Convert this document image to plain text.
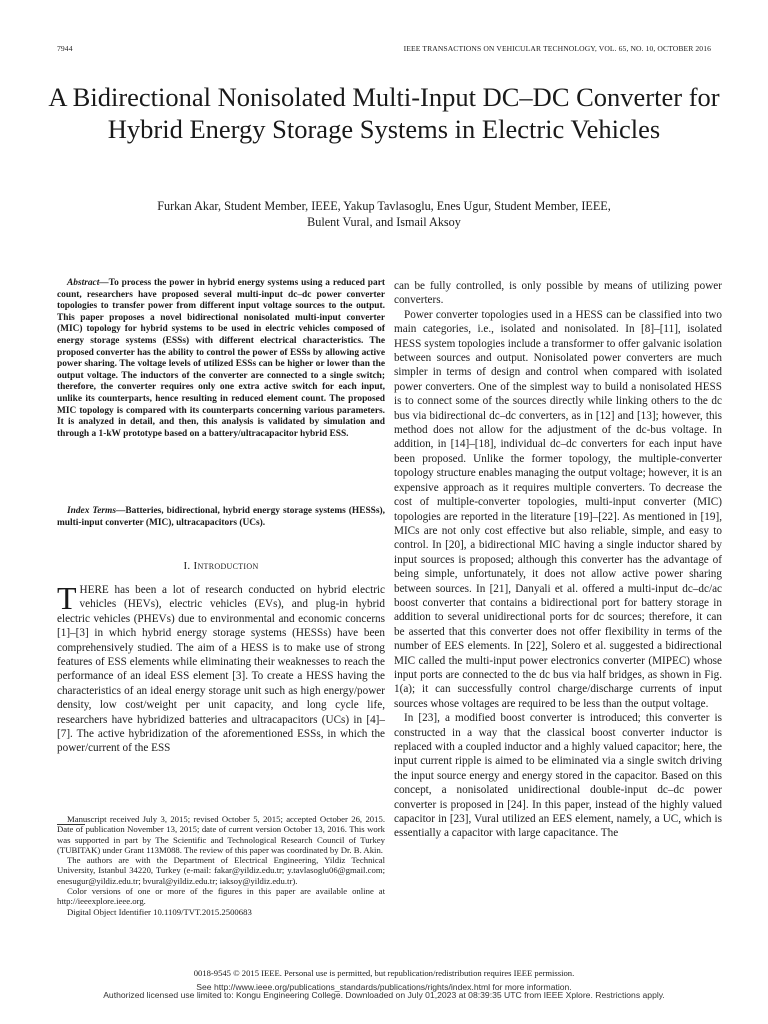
7944	IEEE TRANSACTIONS ON VEHICULAR TECHNOLOGY, VOL. 65, NO. 10, OCTOBER 2016
A Bidirectional Nonisolated Multi-Input DC–DC Converter for Hybrid Energy Storage Systems in Electric Vehicles
Furkan Akar, Student Member, IEEE, Yakup Tavlasoglu, Enes Ugur, Student Member, IEEE,
Bulent Vural, and Ismail Aksoy

Abstract—To process the power in hybrid energy systems using a reduced part count, researchers have proposed several multi-input dc–dc power converter topologies to transfer power from different input voltage sources to the output. This paper proposes a novel bidirectional nonisolated multi-input converter (MIC) topology for hybrid systems to be used in electric vehicles composed of energy storage systems (ESSs) with different electrical characteristics. The proposed converter has the ability to control the power of ESSs by allowing active power sharing. The voltage levels of utilized ESSs can be higher or lower than the output voltage. The inductors of the converter are connected to a single switch; therefore, the converter requires only one extra active switch for each input, unlike its counterparts, hence resulting in reduced element count. The proposed MIC topology is compared with its counterparts concerning various parameters. It is analyzed in detail, and then, this analysis is validated by simulation and through a 1-kW prototype based on a battery/ultracapacitor hybrid ESS.

Index Terms—Batteries, bidirectional, hybrid energy storage systems (HESSs), multi-input converter (MIC), ultracapacitors (UCs).

I. Introduction

THERE has been a lot of research conducted on hybrid electric vehicles (HEVs), electric vehicles (EVs), and plug-in hybrid electric vehicles (PHEVs) due to environmental and economic concerns [1]–[3] in which hybrid energy storage systems (HESSs) have been comprehensively studied. The aim of a HESS is to make use of strong features of ESS elements while eliminating their weaknesses to reach the performance of an ideal ESS element [3]. To create a HESS having the characteristics of an ideal energy storage unit such as high energy/power density, low cost/weight per unit capacity, and long cycle life, researchers have hybridized batteries and ultracapacitors (UCs) in [4]–[7]. The active hybridization of the aforementioned ESSs, in which the power/current of the ESS

Manuscript received July 3, 2015; revised October 5, 2015; accepted October 26, 2015. Date of publication November 13, 2015; date of current version October 13, 2016. This work was supported in part by The Scientific and Technological Research Council of Turkey (TUBITAK) under Grant 113M088. The review of this paper was coordinated by Dr. B. Akin.

The authors are with the Department of Electrical Engineering, Yildiz Technical University, Istanbul 34220, Turkey (e-mail: fakar@yildiz.edu.tr; y.tavlasoglu06@gmail.com; enesugur@yildiz.edu.tr; bvural@yildiz.edu.tr; iaksoy@yildiz.edu.tr).

Color versions of one or more of the figures in this paper are available online at http://ieeexplore.ieee.org.

Digital Object Identifier 10.1109/TVT.2015.2500683

can be fully controlled, is only possible by means of utilizing power converters.

Power converter topologies used in a HESS can be classified into two main categories, i.e., isolated and nonisolated. In [8]–[11], isolated HESS system topologies include a transformer to offer galvanic isolation between sources and output. Nonisolated power converters are much simpler in terms of design and control when compared with isolated power converters. One of the simplest way to build a nonisolated HESS is to connect some of the sources directly while linking others to the dc bus via bidirectional dc–dc converters, as in [12] and [13]; however, this method does not allow for the adjustment of the dc-bus voltage. In addition, in [14]–[18], individual dc–dc converters for each input have been proposed. Unlike the former topology, the multiple-converter topology structure enables managing the output voltage; however, it is an expensive approach as it requires multiple converters. To decrease the cost of multiple-converter topologies, multi-input converter (MIC) topologies are reported in the literature [19]–[22]. As mentioned in [19], MICs are not only cost effective but also reliable, simple, and easy to control. In [20], a bidirectional MIC having a single inductor shared by input sources is proposed; although this converter has the advantage of being simple, unfortunately, it does not allow active power sharing between sources. In [21], Danyali et al. offered a multi-input dc–dc/ac boost converter that contains a bidirectional port for battery storage in addition to several unidirectional ports for dc sources; therefore, it can be asserted that this converter does not offer flexibility in terms of the number of EES elements. In [22], Solero et al. suggested a bidirectional MIC called the multi-input power electronics converter (MIPEC) whose input ports are connected to the dc bus via half bridges, as shown in Fig. 1(a); it can successfully control charge/discharge currents of input sources whose voltages are required to be less than the output voltage.

In [23], a modified boost converter is introduced; this converter is constructed in a way that the classical boost converter inductor is replaced with a coupled inductor and a highly valued capacitor; here, the input current ripple is aimed to be eliminated via a single switch driving the input source energy and energy stored in the capacitor. Based on this concept, a nonisolated unidirectional double-input dc–dc power converter is proposed in [24]. In this paper, instead of the highly valued capacitor in [23], Vural utilized an EES element, namely, a UC, which is essentially a capacitor with large capacitance. The

0018-9545 © 2015 IEEE. Personal use is permitted, but republication/redistribution requires IEEE permission.
See http://www.ieee.org/publications_standards/publications/rights/index.html for more information.
Authorized licensed use limited to: Kongu Engineering College. Downloaded on July 01,2023 at 08:39:35 UTC from IEEE Xplore. Restrictions apply.
